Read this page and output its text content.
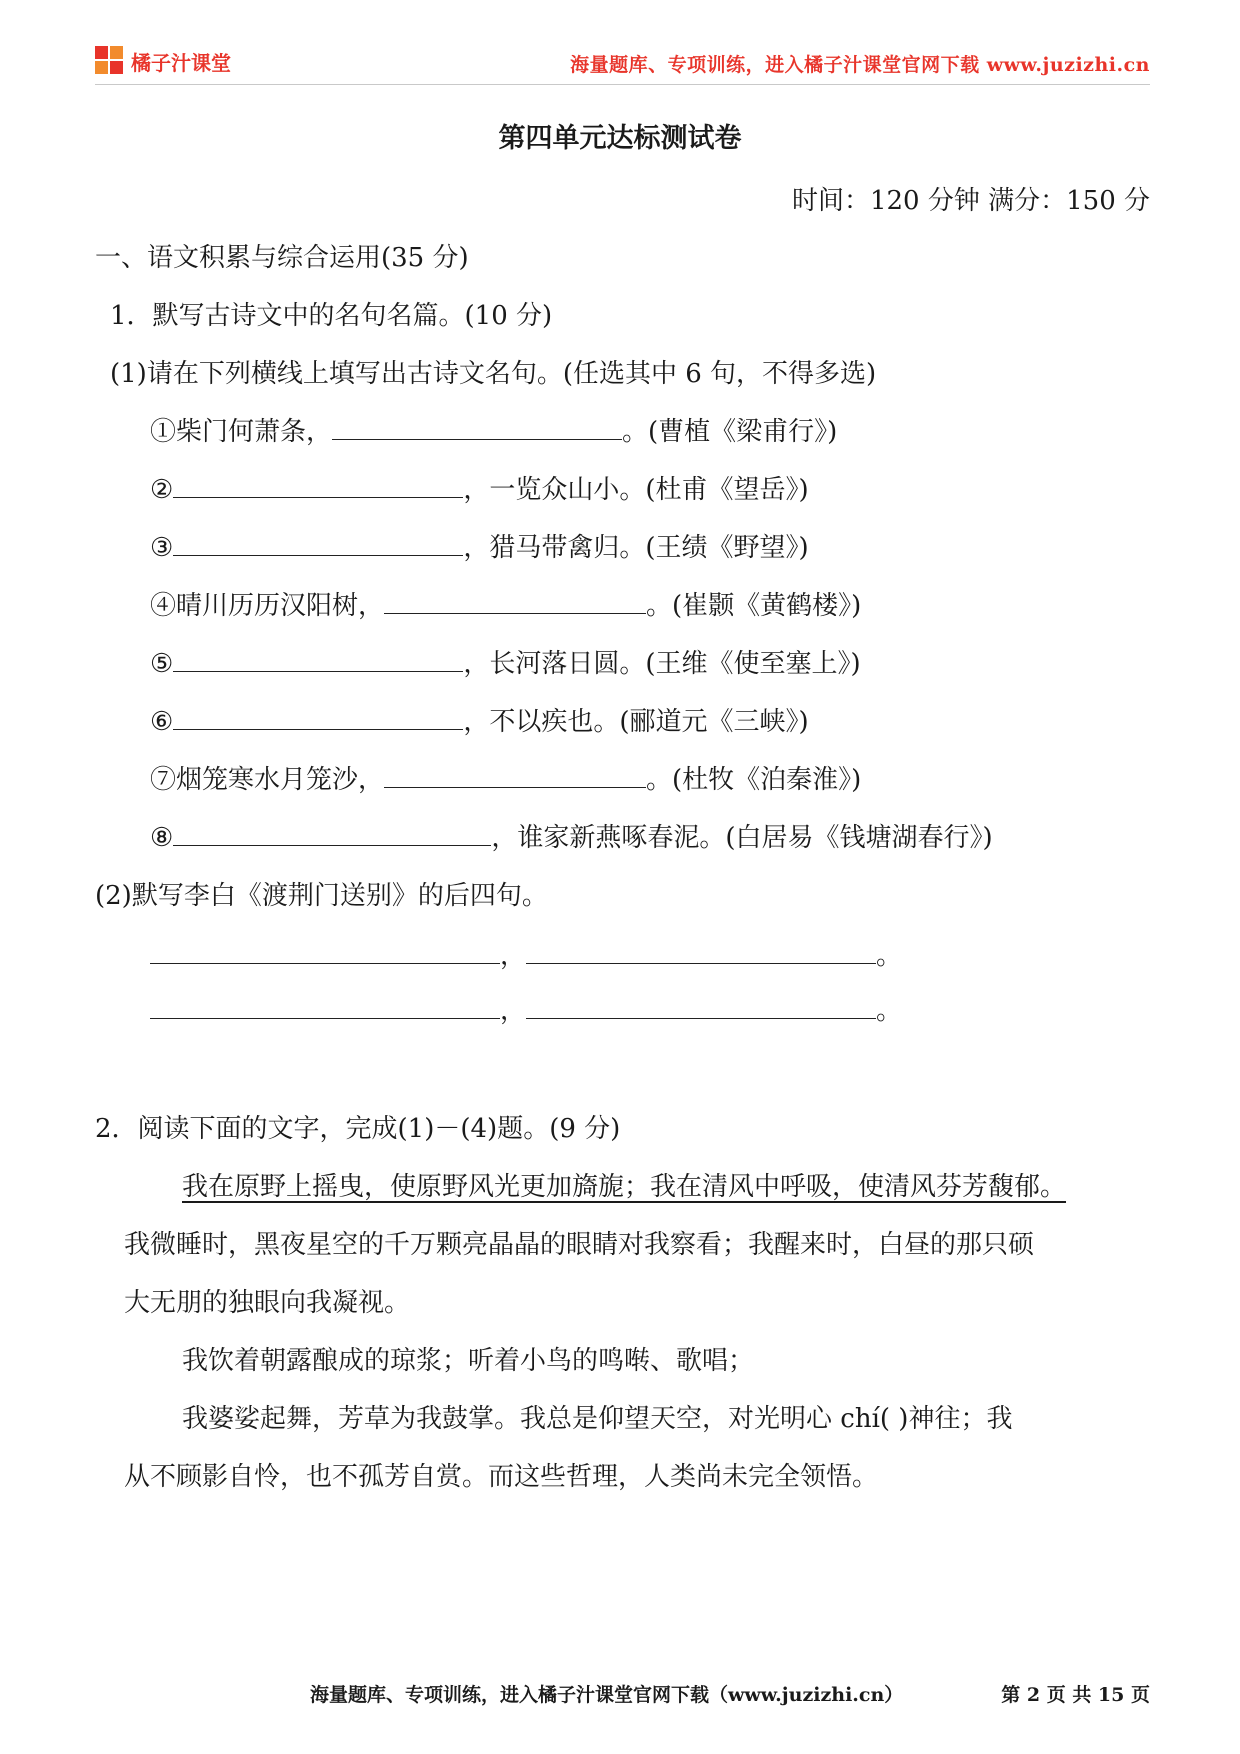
橘子汁课堂	海量题库、专项训练，进入橘子汁课堂官网下载 www.juzizhi.cn
第四单元达标测试卷
时间：120 分钟 满分：150 分
一、语文积累与综合运用(35 分)
1．默写古诗文中的名句名篇。(10 分)
(1)请在下列横线上填写出古诗文名句。(任选其中 6 句，不得多选)
①柴门何萧条，	。(曹植《梁甫行》)
②	，一览众山小。(杜甫《望岳》)
③	，猎马带禽归。(王绩《野望》)
④晴川历历汉阳树，	。(崔颢《黄鹤楼》)
⑤	，长河落日圆。(王维《使至塞上》)
⑥	，不以疾也。(郦道元《三峡》)
⑦烟笼寒水月笼沙，	。(杜牧《泊秦淮》)
⑧	，谁家新燕啄春泥。(白居易《钱塘湖春行》)
(2)默写李白《渡荆门送别》的后四句。
，	。
，	。
2．阅读下面的文字，完成(1)－(4)题。(9 分)
我在原野上摇曳，使原野风光更加旖旎；我在清风中呼吸，使清风芬芳馥郁。
我微睡时，黑夜星空的千万颗亮晶晶的眼睛对我察看；我醒来时，白昼的那只硕
大无朋的独眼向我凝视。
我饮着朝露酿成的琼浆；听着小鸟的鸣啭、歌唱；
我婆娑起舞，芳草为我鼓掌。我总是仰望天空，对光明心 chí( )神往；我
从不顾影自怜，也不孤芳自赏。而这些哲理，人类尚未完全领悟。
海量题库、专项训练，进入橘子汁课堂官网下载（www.juzizhi.cn）	第 2 页 共 15 页
